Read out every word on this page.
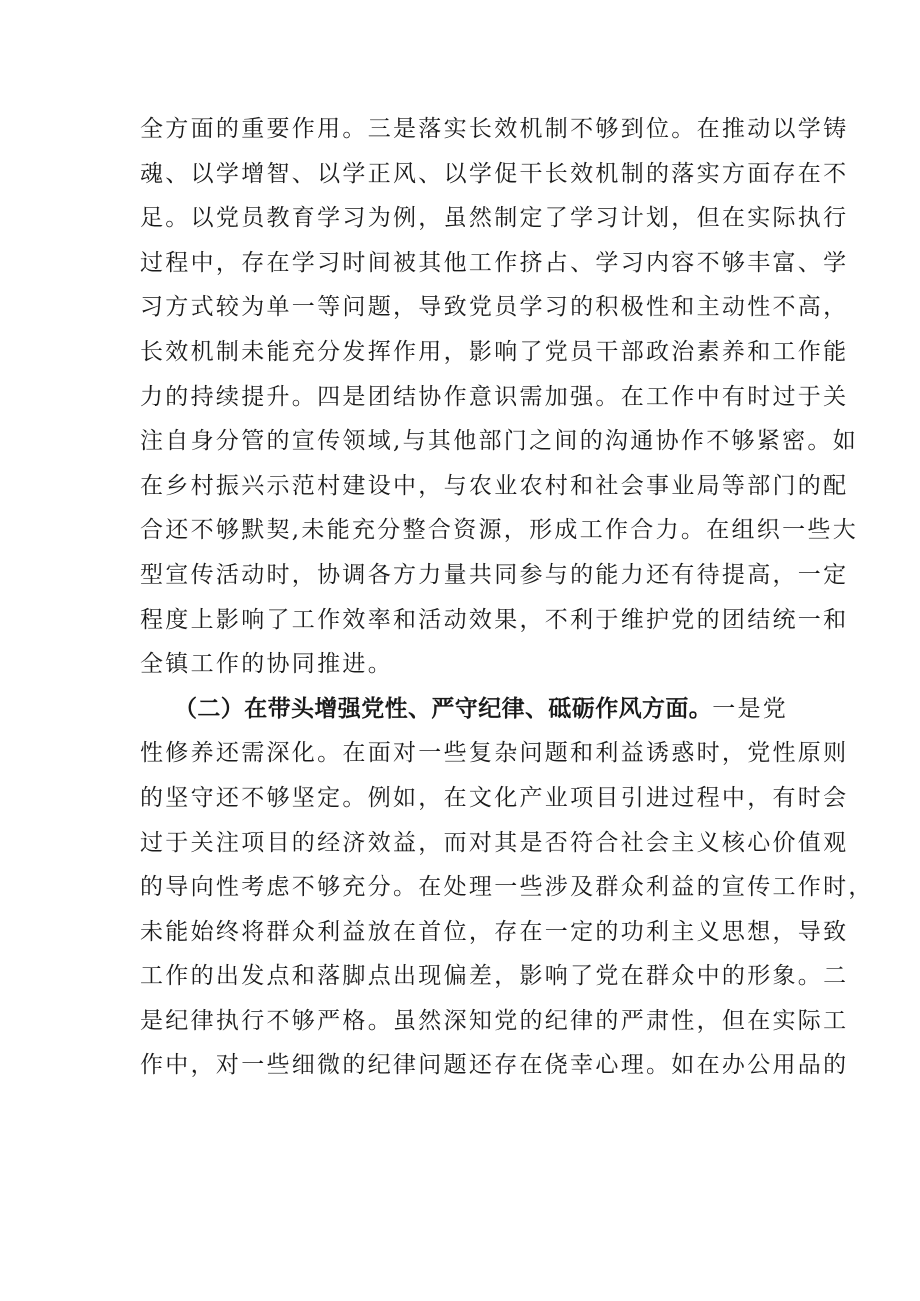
全方面的重要作用。三是落实长效机制不够到位。在推动以学铸
魂、以学增智、以学正风、以学促干长效机制的落实方面存在不
足。以党员教育学习为例，虽然制定了学习计划，但在实际执行
过程中，存在学习时间被其他工作挤占、学习内容不够丰富、学
习方式较为单一等问题，导致党员学习的积极性和主动性不高，
长效机制未能充分发挥作用，影响了党员干部政治素养和工作能
力的持续提升。四是团结协作意识需加强。在工作中有时过于关
注自身分管的宣传领域,与其他部门之间的沟通协作不够紧密。如
在乡村振兴示范村建设中，与农业农村和社会事业局等部门的配
合还不够默契,未能充分整合资源，形成工作合力。在组织一些大
型宣传活动时，协调各方力量共同参与的能力还有待提高，一定
程度上影响了工作效率和活动效果，不利于维护党的团结统一和
全镇工作的协同推进。
（二）在带头增强党性、严守纪律、砥砺作风方面。一是党
性修养还需深化。在面对一些复杂问题和利益诱惑时，党性原则
的坚守还不够坚定。例如，在文化产业项目引进过程中，有时会
过于关注项目的经济效益，而对其是否符合社会主义核心价值观
的导向性考虑不够充分。在处理一些涉及群众利益的宣传工作时，
未能始终将群众利益放在首位，存在一定的功利主义思想，导致
工作的出发点和落脚点出现偏差，影响了党在群众中的形象。二
是纪律执行不够严格。虽然深知党的纪律的严肃性，但在实际工
作中，对一些细微的纪律问题还存在侥幸心理。如在办公用品的
